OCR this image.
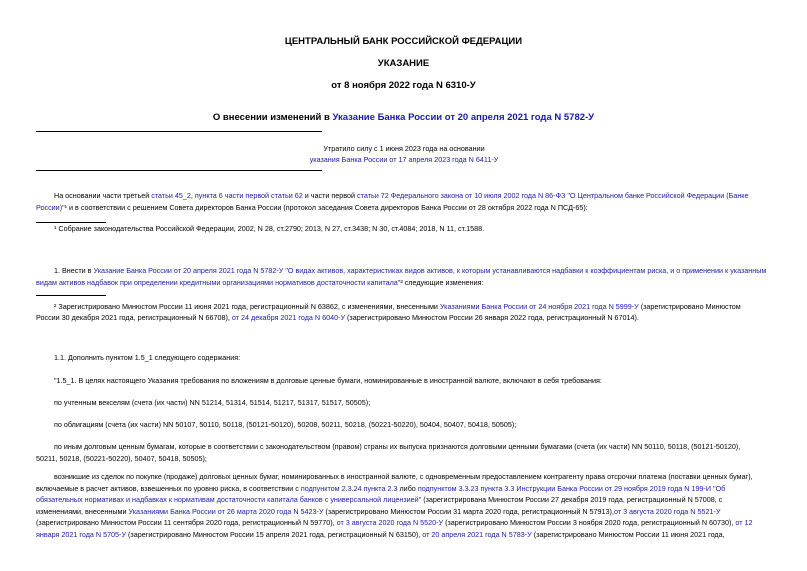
ЦЕНТРАЛЬНЫЙ БАНК РОССИЙСКОЙ ФЕДЕРАЦИИ
УКАЗАНИЕ
от 8 ноября 2022 года N 6310-У
О внесении изменений в Указание Банка России от 20 апреля 2021 года N 5782-У
Утратило силу с 1 июня 2023 года на основании
указания Банка России от 17 апреля 2023 года N 6411-У
На основании части третьей статьи 45_2, пункта 6 части первой статьи 62 и части первой статьи 72 Федерального закона от 10 июля 2002 года N 86-ФЗ "О Центральном банке Российской Федерации (Банке
России)"¹ и в соответствии с решением Совета директоров Банка России (протокол заседания Совета директоров Банка России от 28 октября 2022 года N ПСД-65):
¹ Собрание законодательства Российской Федерации, 2002, N 28, ст.2790; 2013, N 27, ст.3438; N 30, ст.4084; 2018, N 11, ст.1588.
1. Внести в Указание Банка России от 20 апреля 2021 года N 5782-У "О видах активов, характеристиках видов активов, к которым устанавливаются надбавки к коэффициентам риска, и о применении к указанным
видам активов надбавок при определении кредитными организациями нормативов достаточности капитала"² следующие изменения:
² Зарегистрировано Минюстом России 11 июня 2021 года, регистрационный N 63862, с изменениями, внесенными Указаниями Банка России от 24 ноября 2021 года N 5999-У (зарегистрировано Минюстом
России 30 декабря 2021 года, регистрационный N 66708), от 24 декабря 2021 года N 6040-У (зарегистрировано Минюстом России 26 января 2022 года, регистрационный N 67014).
1.1. Дополнить пунктом 1.5_1 следующего содержания:
"1.5_1. В целях настоящего Указания требования по вложениям в долговые ценные бумаги, номинированные в иностранной валюте, включают в себя требования:
по учтенным векселям (счета (их части) NN 51214, 51314, 51514, 51217, 51317, 51517, 50505);
по облигациям (счета (их части) NN 50107, 50110, 50118, (50121-50120), 50208, 50211, 50218, (50221-50220), 50404, 50407, 50418, 50505);
по иным долговым ценным бумагам, которые в соответствии с законодательством (правом) страны их выпуска признаются долговыми ценными бумагами (счета (их части) NN 50110, 50118, (50121-50120),
50211, 50218, (50221-50220), 50407, 50418, 50505);
возникшие из сделок по покупке (продаже) долговых ценных бумаг, номинированных в иностранной валюте, с одновременным предоставлением контрагенту права отсрочки платежа (поставки ценных бумаг),
включаемые в расчет активов, взвешенных по уровню риска, в соответствии с подпунктом 2.3.24 пункта 2.3 либо подпунктом 3.3.23 пункта 3.3 Инструкции Банка России от 29 ноября 2019 года N 199-И "Об
обязательных нормативах и надбавках к нормативам достаточности капитала банков с универсальной лицензией" (зарегистрирована Минюстом России 27 декабря 2019 года, регистрационный N 57008, с
изменениями, внесенными Указаниями Банка России от 26 марта 2020 года N 5423-У (зарегистрировано Минюстом России 31 марта 2020 года, регистрационный N 57913),от 3 августа 2020 года N 5521-У
(зарегистрировано Минюстом России 11 сентября 2020 года, регистрационный N 59770), от 3 августа 2020 года N 5520-У (зарегистрировано Минюстом России 3 ноября 2020 года, регистрационный N 60730), от 12
января 2021 года N 5705-У (зарегистрировано Минюстом России 15 апреля 2021 года, регистрационный N 63150), от 20 апреля 2021 года N 5783-У (зарегистрировано Минюстом России 11 июня 2021 года,
